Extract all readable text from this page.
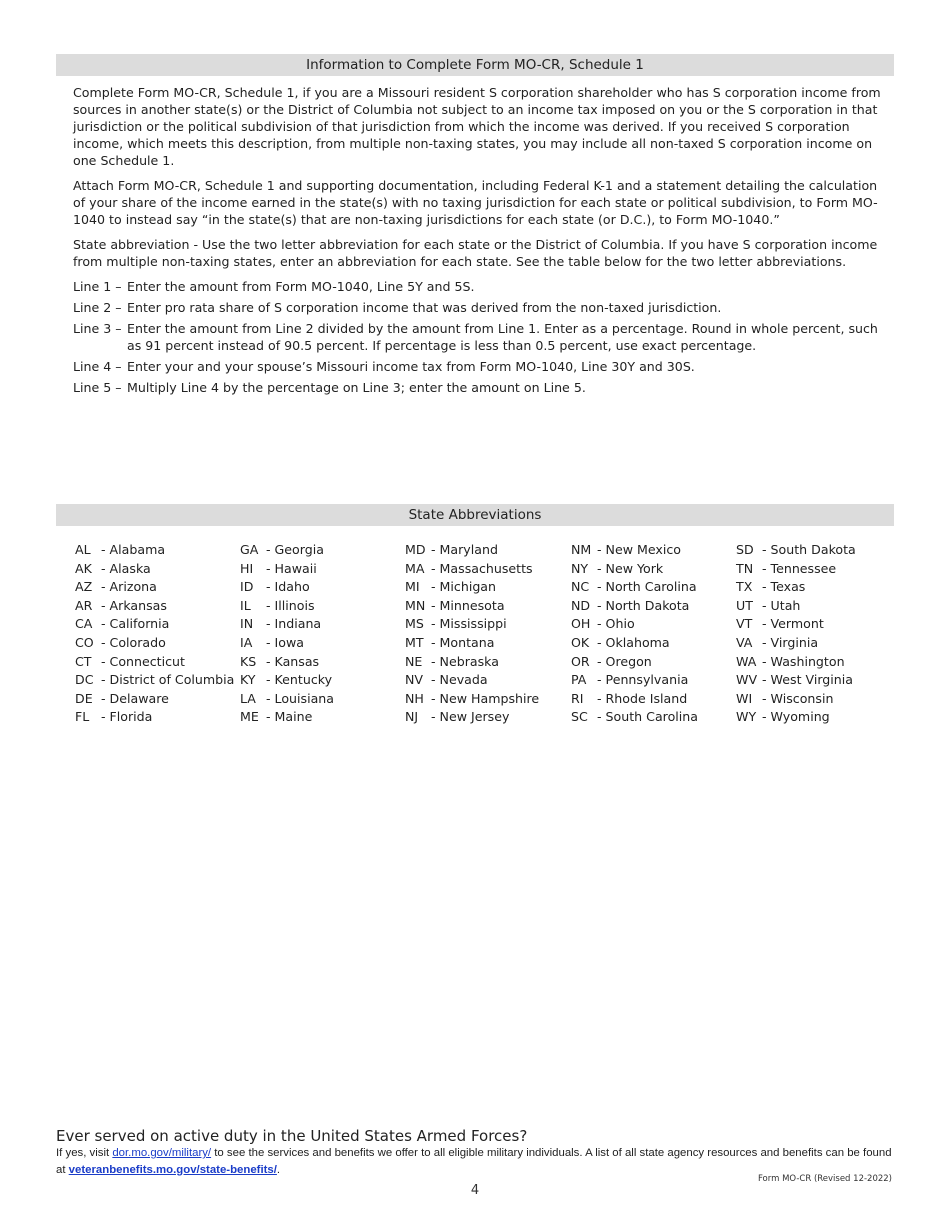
Information to Complete Form MO-CR, Schedule 1

Complete Form MO-CR, Schedule 1, if you are a Missouri resident S corporation shareholder who has S corporation income from sources in another state(s) or the District of Columbia not subject to an income tax imposed on you or the S corporation in that jurisdiction or the political subdivision of that jurisdiction from which the income was derived. If you received S corporation income, which meets this description, from multiple non-taxing states, you may include all non-taxed S corporation income on one Schedule 1.

Attach Form MO-CR, Schedule 1 and supporting documentation, including Federal K-1 and a statement detailing the calculation of your share of the income earned in the state(s) with no taxing jurisdiction for each state or political subdivision, to Form MO-1040 to instead say “in the state(s) that are non-taxing jurisdictions for each state (or D.C.), to Form MO-1040.”

State abbreviation - Use the two letter abbreviation for each state or the District of Columbia. If you have S corporation income from multiple non-taxing states, enter an abbreviation for each state. See the table below for the two letter abbreviations.

Line 1 – Enter the amount from Form MO-1040, Line 5Y and 5S.
Line 2 – Enter pro rata share of S corporation income that was derived from the non-taxed jurisdiction.
Line 3 – Enter the amount from Line 2 divided by the amount from Line 1. Enter as a percentage. Round in whole percent, such as 91 percent instead of 90.5 percent. If percentage is less than 0.5 percent, use exact percentage.
Line 4 – Enter your and your spouse’s Missouri income tax from Form MO-1040, Line 30Y and 30S.
Line 5 – Multiply Line 4 by the percentage on Line 3; enter the amount on Line 5.
State Abbreviations
AL - Alabama
AK - Alaska
AZ - Arizona
AR - Arkansas
CA - California
CO - Colorado
CT - Connecticut
DC - District of Columbia
DE - Delaware
FL - Florida
GA - Georgia
HI - Hawaii
ID - Idaho
IL - Illinois
IN - Indiana
IA - Iowa
KS - Kansas
KY - Kentucky
LA - Louisiana
ME - Maine
MD - Maryland
MA - Massachusetts
MI - Michigan
MN - Minnesota
MS - Mississippi
MT - Montana
NE - Nebraska
NV - Nevada
NH - New Hampshire
NJ - New Jersey
NM - New Mexico
NY - New York
NC - North Carolina
ND - North Dakota
OH - Ohio
OK - Oklahoma
OR - Oregon
PA - Pennsylvania
RI - Rhode Island
SC - South Carolina
SD - South Dakota
TN - Tennessee
TX - Texas
UT - Utah
VT - Vermont
VA - Virginia
WA - Washington
WV - West Virginia
WI - Wisconsin
WY - Wyoming
Ever served on active duty in the United States Armed Forces?
If yes, visit dor.mo.gov/military/ to see the services and benefits we offer to all eligible military individuals. A list of all state agency resources and benefits can be found at veteranbenefits.mo.gov/state-benefits/.
Form MO-CR (Revised 12-2022)
4
